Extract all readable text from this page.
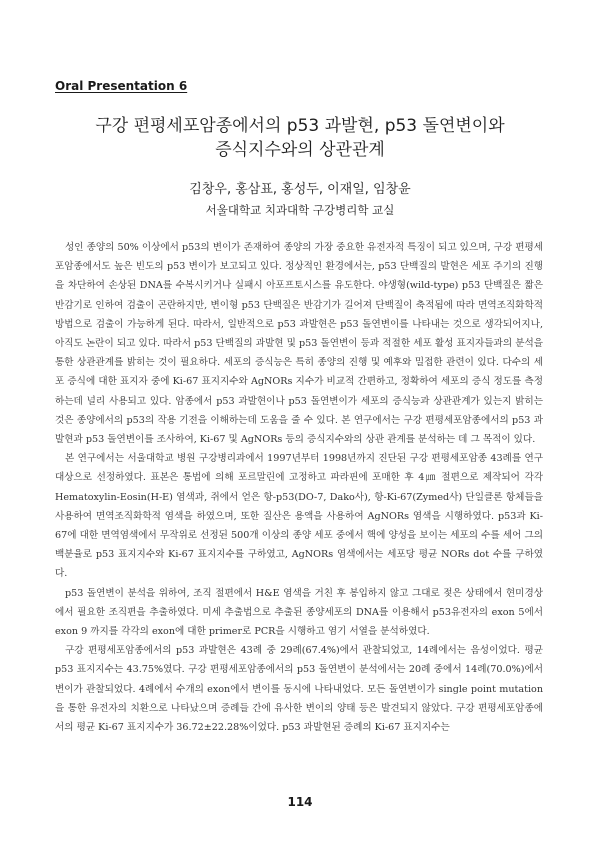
Oral Presentation 6
구강 편평세포암종에서의 p53 과발현, p53 돌연변이와
증식지수와의 상관관계
김창우, 홍삼표, 홍성두, 이재일, 임창윤
서울대학교 치과대학 구강병리학 교실

성인 종양의 50% 이상에서 p53의 변이가 존재하여 종양의 가장 중요한 유전자적 특징이 되고 있으며, 구강 편평세포암종에서도 높은 빈도의 p53 변이가 보고되고 있다. 정상적인 환경에서는, p53 단백질의 발현은 세포 주기의 진행을 차단하여 손상된 DNA를 수복시키거나 실패시 아포프토시스를 유도한다. 야생형(wild-type) p53 단백질은 짧은 반감기로 인하여 검출이 곤란하지만, 변이형 p53 단백질은 반감기가 길어져 단백질이 축적됨에 따라 면역조직화학적 방법으로 검출이 가능하게 된다. 따라서, 일반적으로 p53 과발현은 p53 돌연변이를 나타내는 것으로 생각되어지나, 아직도 논란이 되고 있다. 따라서 p53 단백질의 과발현 및 p53 돌연변이 등과 적절한 세포 활성 표지자들과의 분석을 통한 상관관계를 밝히는 것이 필요하다. 세포의 증식능은 특히 종양의 진행 및 예후와 밀접한 관련이 있다. 다수의 세포 증식에 대한 표지자 중에 Ki-67 표지지수와 AgNORs 지수가 비교적 간편하고, 정확하여 세포의 증식 정도를 측정하는데 널리 사용되고 있다. 암종에서 p53 과발현이나 p53 돌연변이가 세포의 증식능과 상관관계가 있는지 밝히는 것은 종양에서의 p53의 작용 기전을 이해하는데 도움을 줄 수 있다. 본 연구에서는 구강 편평세포암종에서의 p53 과발현과 p53 돌연변이를 조사하여, Ki-67 및 AgNORs 등의 증식지수와의 상관 관계를 분석하는 데 그 목적이 있다.

본 연구에서는 서울대학교 병원 구강병리과에서 1997년부터 1998년까지 진단된 구강 편평세포암종 43례를 연구 대상으로 선정하였다. 표본은 통법에 의해 포르말린에 고정하고 파라핀에 포매한 후 4㎛ 절편으로 제작되어 각각 Hematoxylin-Eosin(H-E) 염색과, 쥐에서 얻은 항-p53(DO-7, Dako사), 항-Ki-67(Zymed사) 단일클론 항체들을 사용하여 면역조직화학적 염색을 하였으며, 또한 질산은 용액을 사용하여 AgNORs 염색을 시행하였다. p53과 Ki-67에 대한 면역염색에서 무작위로 선정된 500개 이상의 종양 세포 중에서 핵에 양성을 보이는 세포의 수를 세어 그의 백분율로 p53 표지지수와 Ki-67 표지지수를 구하였고, AgNORs 염색에서는 세포당 평균 NORs dot 수를 구하였다.

p53 돌연변이 분석을 위하여, 조직 절편에서 H&E 염색을 거친 후 봉입하지 않고 그대로 젖은 상태에서 현미경상에서 필요한 조직편을 추출하였다. 미세 추출법으로 추출된 종양세포의 DNA를 이용해서 p53유전자의 exon 5에서 exon 9 까지를 각각의 exon에 대한 primer로 PCR을 시행하고 염기 서열을 분석하였다.

구강 편평세포암종에서의 p53 과발현은 43례 중 29례(67.4%)에서 관찰되었고, 14례에서는 음성이었다. 평균 p53 표지지수는 43.75%였다. 구강 편평세포암종에서의 p53 돌연변이 분석에서는 20례 중에서 14례(70.0%)에서 변이가 관찰되었다. 4례에서 수개의 exon에서 변이를 동시에 나타내었다. 모든 돌연변이가 single point mutation을 통한 유전자의 치환으로 나타났으며 증례들 간에 유사한 변이의 양태 등은 발견되지 않았다. 구강 편평세포암종에서의 평균 Ki-67 표지지수가 36.72±22.28%이었다. p53 과발현된 증례의 Ki-67 표지지수는

114
